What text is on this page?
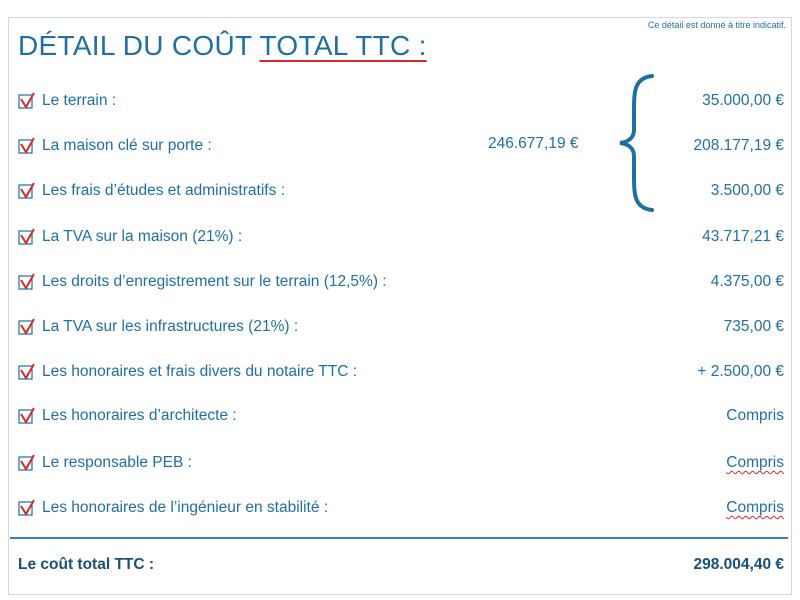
Ce détail est donné à titre indicatif.
DÉTAIL DU COÛT TOTAL TTC :
Le terrain :	35.000,00 €
La maison clé sur porte :	208.177,19 €
Les frais d’études et administratifs :	3.500,00 €
La TVA sur la maison (21%) :	43.717,21 €
Les droits d’enregistrement sur le terrain (12,5%) :	4.375,00 €
La TVA sur les infrastructures (21%) :	735,00 €
Les honoraires et frais divers du notaire TTC :	+ 2.500,00 €
Les honoraires d’architecte :	Compris
Le responsable PEB :	Compris
Les honoraires de l’ingénieur en stabilité :	Compris
246.677,19 €
Le coût total TTC :	298.004,40 €
